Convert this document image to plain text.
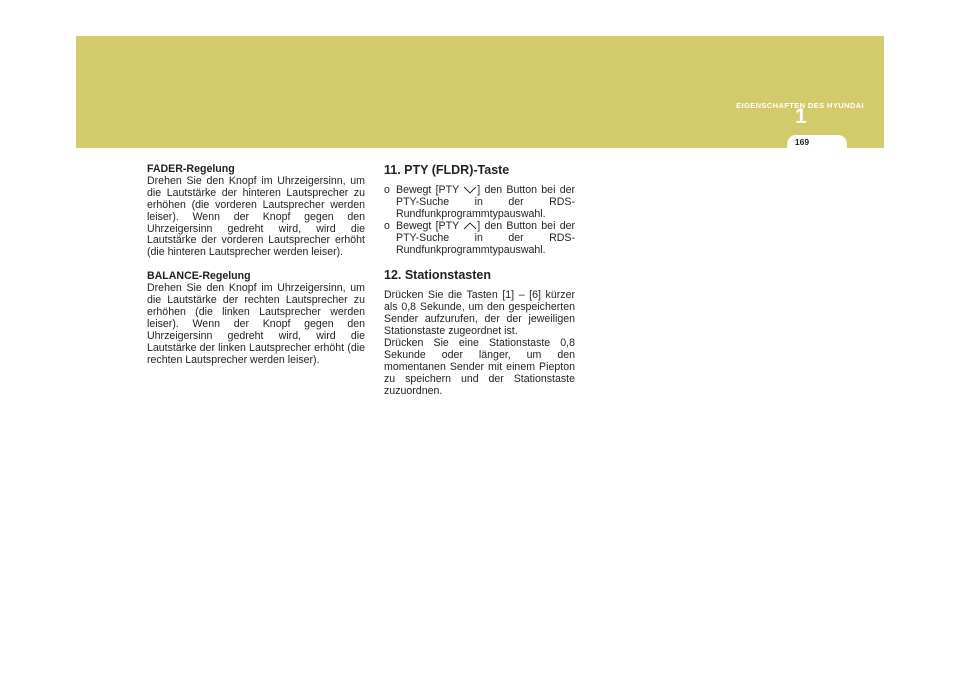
EIGENSCHAFTEN DES HYUNDAI
1
169
FADER-Regelung

Drehen Sie den Knopf im Uhrzeigersinn, um die Lautstärke der hinteren Lautsprecher zu erhöhen (die vorderen Lautsprecher werden leiser). Wenn der Knopf gegen den Uhrzeigersinn gedreht wird, wird die Lautstärke der vorderen Lautsprecher erhöht (die hinteren Lautsprecher werden leiser).

BALANCE-Regelung

Drehen Sie den Knopf im Uhrzeigersinn, um die Lautstärke der rechten Lautsprecher zu erhöhen (die linken Lautsprecher werden leiser). Wenn der Knopf gegen den Uhrzeigersinn gedreht wird, wird die Lautstärke der linken Lautsprecher erhöht (die rechten Lautsprecher werden leiser).

11. PTY (FLDR)-Taste

o Bewegt [PTY
] den Button bei der PTY-Suche in der RDS-Rundfunkprogrammtypauswahl.

o Bewegt [PTY
] den Button bei der PTY-Suche in der RDS-Rundfunkprogrammtypauswahl.

12. Stationstasten

Drücken Sie die Tasten [1] – [6] kürzer als 0,8 Sekunde, um den gespeicherten Sender aufzurufen, der der jeweiligen Stationstaste zugeordnet ist.

Drücken Sie eine Stationstaste 0,8 Sekunde oder länger, um den momentanen Sender mit einem Piepton zu speichern und der Stationstaste zuzuordnen.
